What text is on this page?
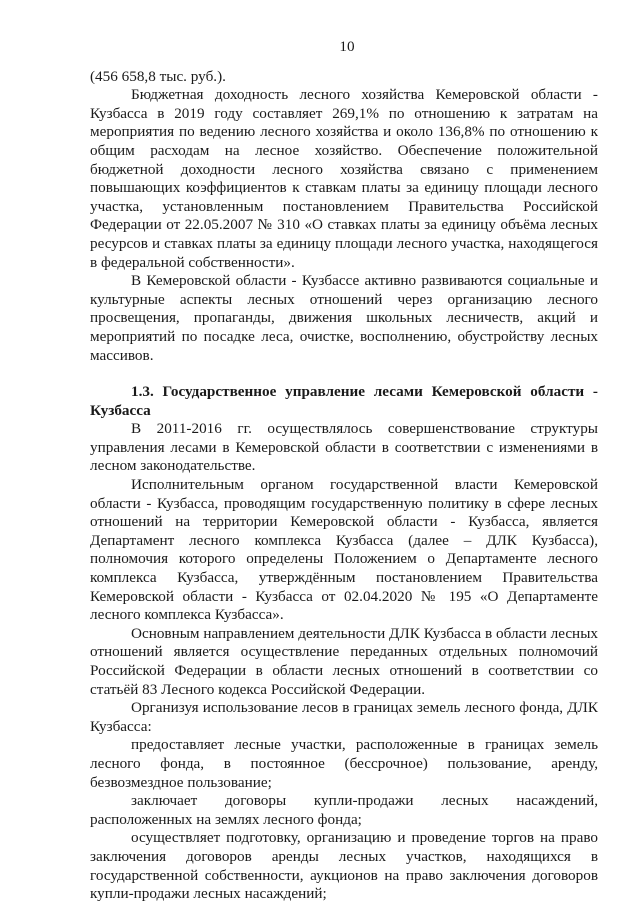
10

(456 658,8 тыс. руб.).

Бюджетная доходность лесного хозяйства Кемеровской области - Кузбасса в 2019 году составляет 269,1% по отношению к затратам на мероприятия по ведению лесного хозяйства и около 136,8% по отношению к общим расходам на лесное хозяйство. Обеспечение положительной бюджетной доходности лесного хозяйства связано с применением повышающих коэффициентов к ставкам платы за единицу площади лесного участка, установленным постановлением Правительства Российской Федерации от 22.05.2007 № 310 «О ставках платы за единицу объёма лесных ресурсов и ставках платы за единицу площади лесного участка, находящегося в федеральной собственности».

В Кемеровской области - Кузбассе активно развиваются социальные и культурные аспекты лесных отношений через организацию лесного просвещения, пропаганды, движения школьных лесничеств, акций и мероприятий по посадке леса, очистке, восполнению, обустройству лесных массивов.

1.3. Государственное управление лесами Кемеровской области - Кузбасса

В 2011-2016 гг. осуществлялось совершенствование структуры управления лесами в Кемеровской области в соответствии с изменениями в лесном законодательстве.

Исполнительным органом государственной власти Кемеровской области - Кузбасса, проводящим государственную политику в сфере лесных отношений на территории Кемеровской области - Кузбасса, является Департамент лесного комплекса Кузбасса (далее – ДЛК Кузбасса), полномочия которого определены Положением о Департаменте лесного комплекса Кузбасса, утверждённым постановлением Правительства Кемеровской области - Кузбасса от 02.04.2020 № 195 «О Департаменте лесного комплекса Кузбасса».

Основным направлением деятельности ДЛК Кузбасса в области лесных отношений является осуществление переданных отдельных полномочий Российской Федерации в области лесных отношений в соответствии со статьёй 83 Лесного кодекса Российской Федерации.

Организуя использование лесов в границах земель лесного фонда, ДЛК Кузбасса:

предоставляет лесные участки, расположенные в границах земель лесного фонда, в постоянное (бессрочное) пользование, аренду, безвозмездное пользование;

заключает договоры купли-продажи лесных насаждений, расположенных на землях лесного фонда;

осуществляет подготовку, организацию и проведение торгов на право заключения договоров аренды лесных участков, находящихся в государственной собственности, аукционов на право заключения договоров купли-продажи лесных насаждений;
